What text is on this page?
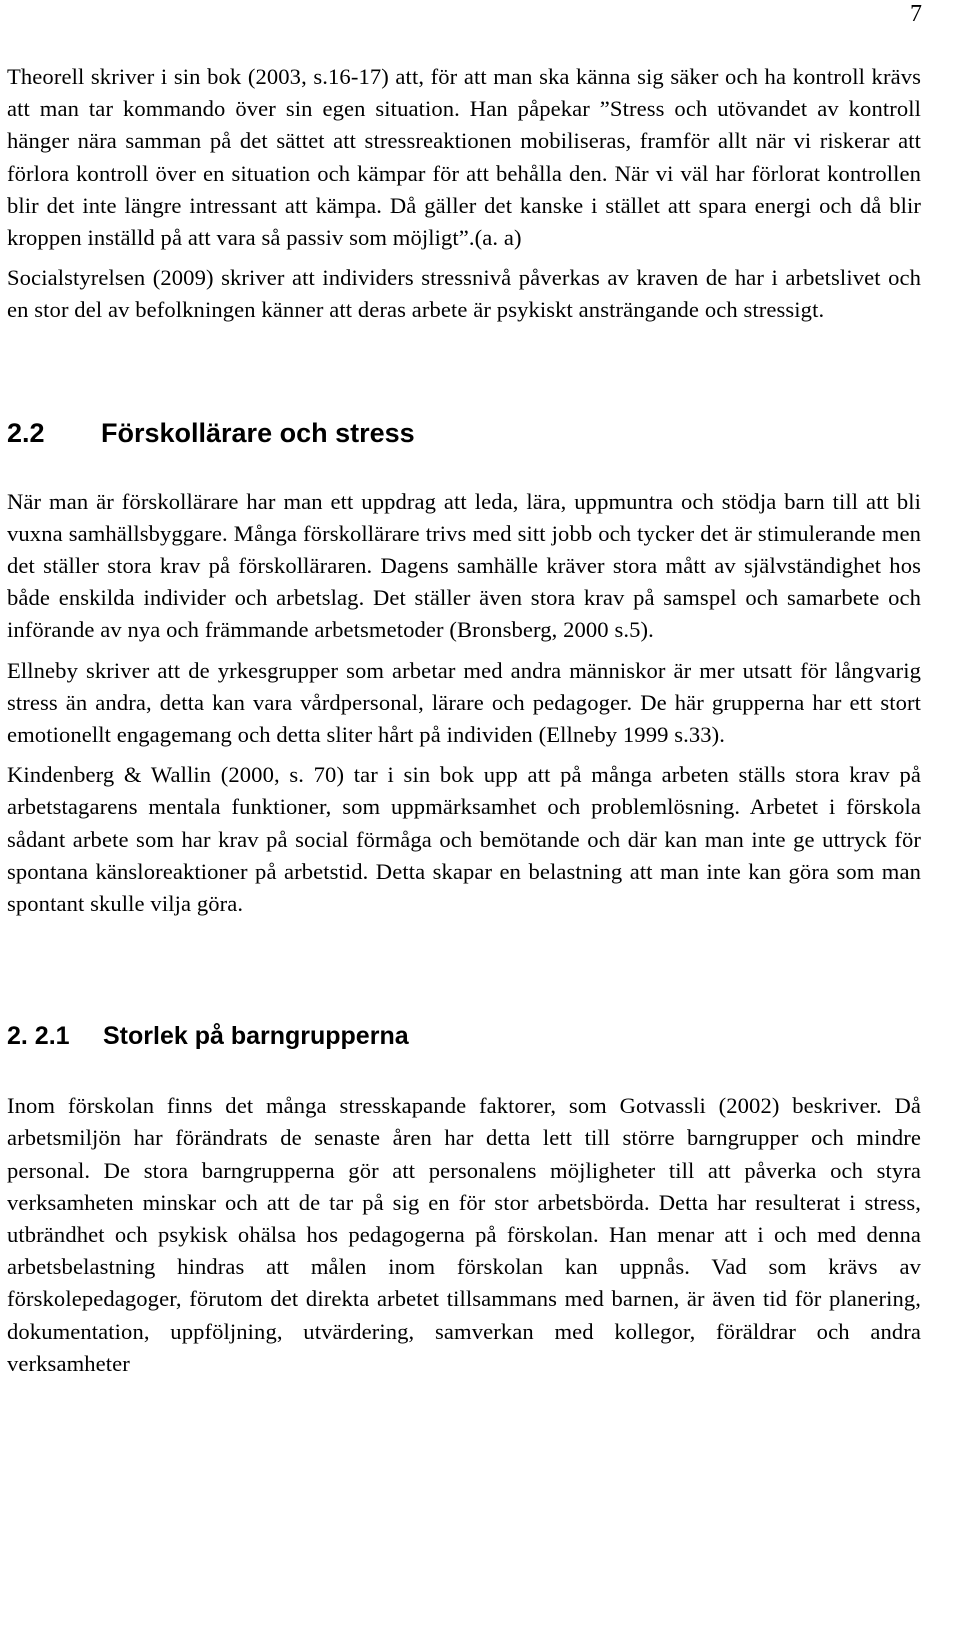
7

Theorell skriver i sin bok (2003, s.16-17) att, för att man ska känna sig säker och ha kontroll krävs att man tar kommando över sin egen situation. Han påpekar ”Stress och utövandet av kontroll hänger nära samman på det sättet att stressreaktionen mobiliseras, framför allt när vi riskerar att förlora kontroll över en situation och kämpar för att behålla den. När vi väl har förlorat kontrollen blir det inte längre intressant att kämpa. Då gäller det kanske i stället att spara energi och då blir kroppen inställd på att vara så passiv som möjligt”.(a. a)

Socialstyrelsen (2009) skriver att individers stressnivå påverkas av kraven de har i arbetslivet och en stor del av befolkningen känner att deras arbete är psykiskt ansträngande och stressigt.

2.2 Förskollärare och stress

När man är förskollärare har man ett uppdrag att leda, lära, uppmuntra och stödja barn till att bli vuxna samhällsbyggare. Många förskollärare trivs med sitt jobb och tycker det är stimulerande men det ställer stora krav på förskolläraren. Dagens samhälle kräver stora mått av självständighet hos både enskilda individer och arbetslag. Det ställer även stora krav på samspel och samarbete och införande av nya och främmande arbetsmetoder (Bronsberg, 2000 s.5).

Ellneby skriver att de yrkesgrupper som arbetar med andra människor är mer utsatt för långvarig stress än andra, detta kan vara vårdpersonal, lärare och pedagoger. De här grupperna har ett stort emotionellt engagemang och detta sliter hårt på individen (Ellneby 1999 s.33).

Kindenberg & Wallin (2000, s. 70) tar i sin bok upp att på många arbeten ställs stora krav på arbetstagarens mentala funktioner, som uppmärksamhet och problemlösning. Arbetet i förskola sådant arbete som har krav på social förmåga och bemötande och där kan man inte ge uttryck för spontana känsloreaktioner på arbetstid. Detta skapar en belastning att man inte kan göra som man spontant skulle vilja göra.

2. 2.1 Storlek på barngrupperna

Inom förskolan finns det många stresskapande faktorer, som Gotvassli (2002) beskriver. Då arbetsmiljön har förändrats de senaste åren har detta lett till större barngrupper och mindre personal. De stora barngrupperna gör att personalens möjligheter till att påverka och styra verksamheten minskar och att de tar på sig en för stor arbetsbörda. Detta har resulterat i stress, utbrändhet och psykisk ohälsa hos pedagogerna på förskolan. Han menar att i och med denna arbetsbelastning hindras att målen inom förskolan kan uppnås. Vad som krävs av förskolepedagoger, förutom det direkta arbetet tillsammans med barnen, är även tid för planering, dokumentation, uppföljning, utvärdering, samverkan med kollegor, föräldrar och andra verksamheter
